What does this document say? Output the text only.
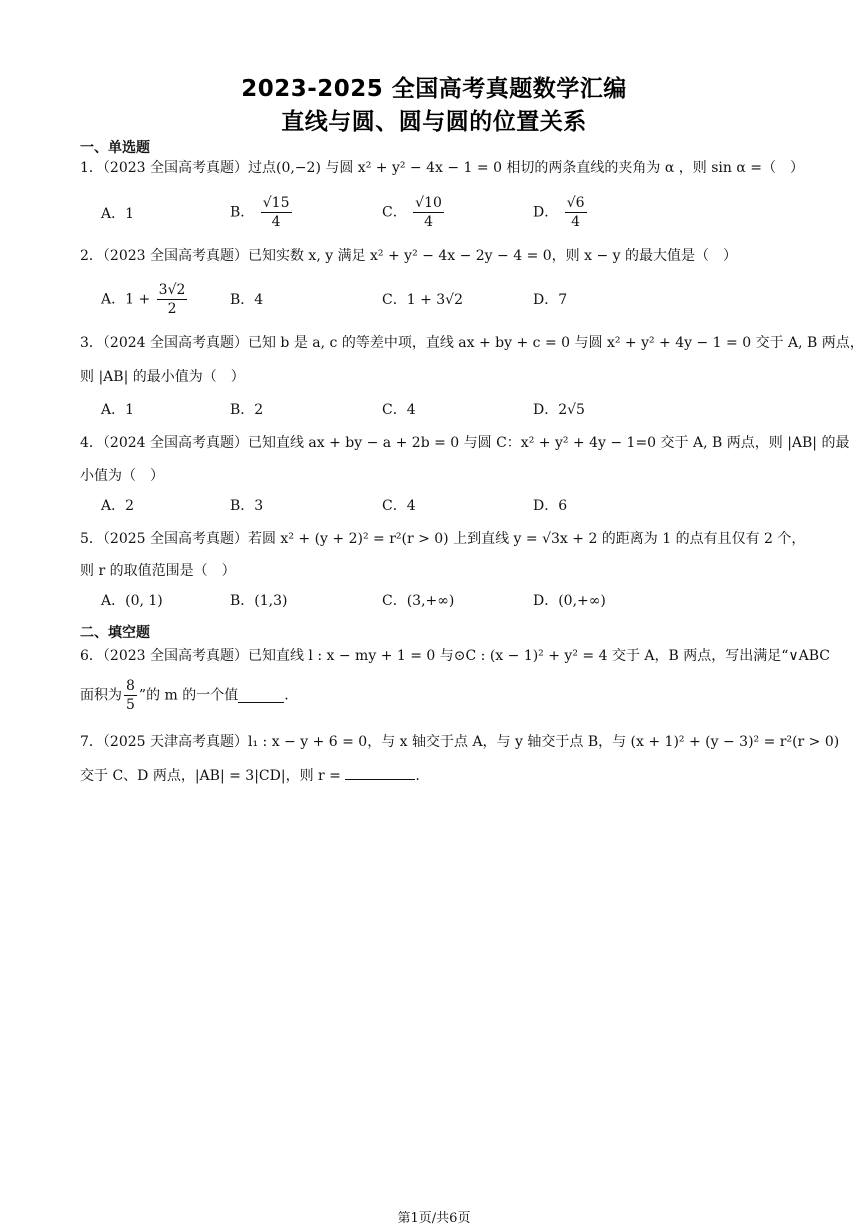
2023-2025 全国高考真题数学汇编
直线与圆、圆与圆的位置关系
一、单选题
1．（2023 全国高考真题）过点(0,−2) 与圆 x² + y² − 4x − 1 = 0 相切的两条直线的夹角为 α ，则 sin α =（　）
A．1	B． $\frac{√15}{4}$	C． $\frac{√10}{4}$	D． $\frac{√6}{4}$
2．（2023 全国高考真题）已知实数 x, y 满足 x² + y² − 4x − 2y − 4 = 0，则 x − y 的最大值是（　）
A．$1 + \frac{3√2}{2}$	B．4	C．1 + 3√2	D．7
3．（2024 全国高考真题）已知 b 是 a, c 的等差中项，直线 ax + by + c = 0 与圆 x² + y² + 4y − 1 = 0 交于 A, B 两点，
则 |AB| 的最小值为（　）
A．1	B．2	C．4	D．2√5
4．（2024 全国高考真题）已知直线 ax + by − a + 2b = 0 与圆 C：x² + y² + 4y − 1=0 交于 A, B 两点，则 |AB| 的最
小值为（　）
A．2	B．3	C．4	D．6
5．（2025 全国高考真题）若圆 x² + (y + 2)² = r²(r > 0) 上到直线 y = √3x + 2 的距离为 1 的点有且仅有 2 个，
则 r 的取值范围是（　）
A．(0, 1)	B．(1,3)	C．(3,+∞)	D．(0,+∞)
二、填空题
6．（2023 全国高考真题）已知直线 l : x − my + 1 = 0 与⊙C : (x − 1)² + y² = 4 交于 A，B 两点，写出满足“∨ABC
面积为 $\frac{8}{5}$ ”的 m 的一个值	.
7．（2025 天津高考真题）l₁ : x − y + 6 = 0，与 x 轴交于点 A，与 y 轴交于点 B，与 (x + 1)² + (y − 3)² = r²(r > 0)
交于 C、D 两点，|AB| = 3|CD|，则 r =	.
第1页/共6页
